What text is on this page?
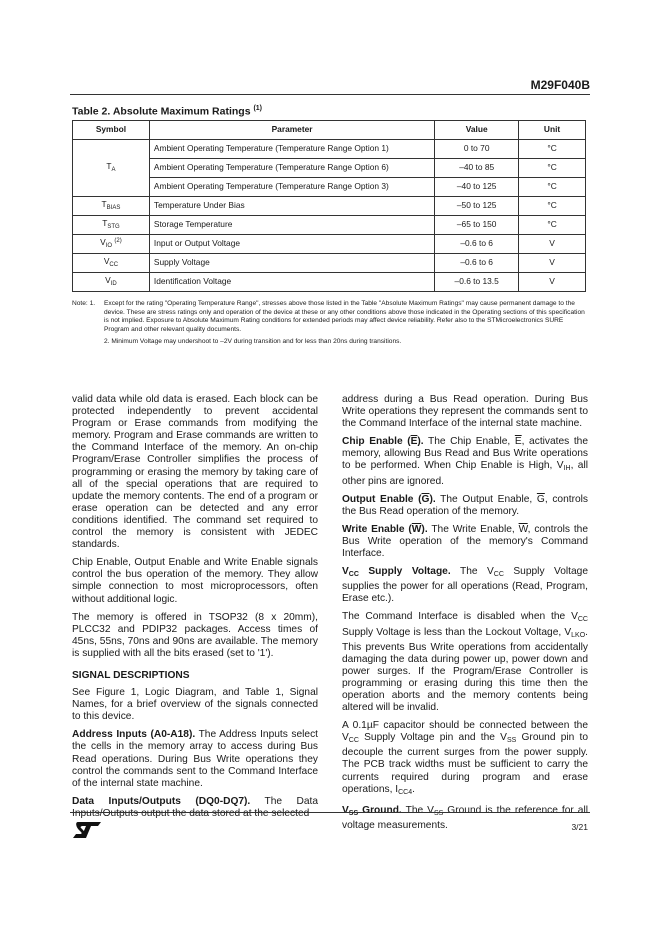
M29F040B
Table 2. Absolute Maximum Ratings $^{(1)}$
Symbol	Parameter	Value	Unit
$T_A$	Ambient Operating Temperature (Temperature Range Option 1)	0 to 70	°C
	Ambient Operating Temperature (Temperature Range Option 6)	–40 to 85	°C
	Ambient Operating Temperature (Temperature Range Option 3)	–40 to 125	°C
$T_{BIAS}$	Temperature Under Bias	–50 to 125	°C
$T_{STG}$	Storage Temperature	–65 to 150	°C
$V_{IO}$ $^{(2)}$	Input or Output Voltage	–0.6 to 6	V
$V_{CC}$	Supply Voltage	–0.6 to 6	V
$V_{ID}$	Identification Voltage	–0.6 to 13.5	V
Note: 1.	Except for the rating "Operating Temperature Range", stresses above those listed in the Table "Absolute Maximum Ratings" may cause permanent damage to the device. These are stress ratings only and operation of the device at these or any other conditions above those indicated in the Operating sections of this specification is not implied. Exposure to Absolute Maximum Rating conditions for extended periods may affect device reliability. Refer also to the STMicroelectronics SURE Program and other relevant quality documents.
2. Minimum Voltage may undershoot to –2V during transition and for less than 20ns during transitions.

valid data while old data is erased. Each block can be protected independently to prevent accidental Program or Erase commands from modifying the memory. Program and Erase commands are written to the Command Interface of the memory. An on-chip Program/Erase Controller simplifies the process of programming or erasing the memory by taking care of all of the special operations that are required to update the memory contents. The end of a program or erase operation can be detected and any error conditions identified. The command set required to control the memory is consistent with JEDEC standards.

Chip Enable, Output Enable and Write Enable signals control the bus operation of the memory. They allow simple connection to most microprocessors, often without additional logic.

The memory is offered in TSOP32 (8 x 20mm), PLCC32 and PDIP32 packages. Access times of 45ns, 55ns, 70ns and 90ns are available. The memory is supplied with all the bits erased (set to '1').

SIGNAL DESCRIPTIONS

See Figure 1, Logic Diagram, and Table 1, Signal Names, for a brief overview of the signals connected to this device.

Address Inputs (A0-A18). The Address Inputs select the cells in the memory array to access during Bus Read operations. During Bus Write operations they control the commands sent to the Command Interface of the internal state machine.

Data Inputs/Outputs (DQ0-DQ7). The Data Inputs/Outputs output the data stored at the selected

address during a Bus Read operation. During Bus Write operations they represent the commands sent to the Command Interface of the internal state machine.

Chip Enable $(\overline{E})$. The Chip Enable, $\overline{E}$, activates the memory, allowing Bus Read and Bus Write operations to be performed. When Chip Enable is High, VIH, all other pins are ignored.

Output Enable $(\overline{G})$. The Output Enable, $\overline{G}$, controls the Bus Read operation of the memory.

Write Enable $(\overline{W})$. The Write Enable, $\overline{W}$, controls the Bus Write operation of the memory's Command Interface.

VCC Supply Voltage. The VCC Supply Voltage supplies the power for all operations (Read, Program, Erase etc.).

The Command Interface is disabled when the VCC Supply Voltage is less than the Lockout Voltage, VLKO. This prevents Bus Write operations from accidentally damaging the data during power up, power down and power surges. If the Program/Erase Controller is programming or erasing during this time then the operation aborts and the memory contents being altered will be invalid.

A 0.1µF capacitor should be connected between the VCC Supply Voltage pin and the VSS Ground pin to decouple the current surges from the power supply. The PCB track widths must be sufficient to carry the currents required during program and erase operations, ICC4.

VSS Ground. The VSS Ground is the reference for all voltage measurements.	3/21
